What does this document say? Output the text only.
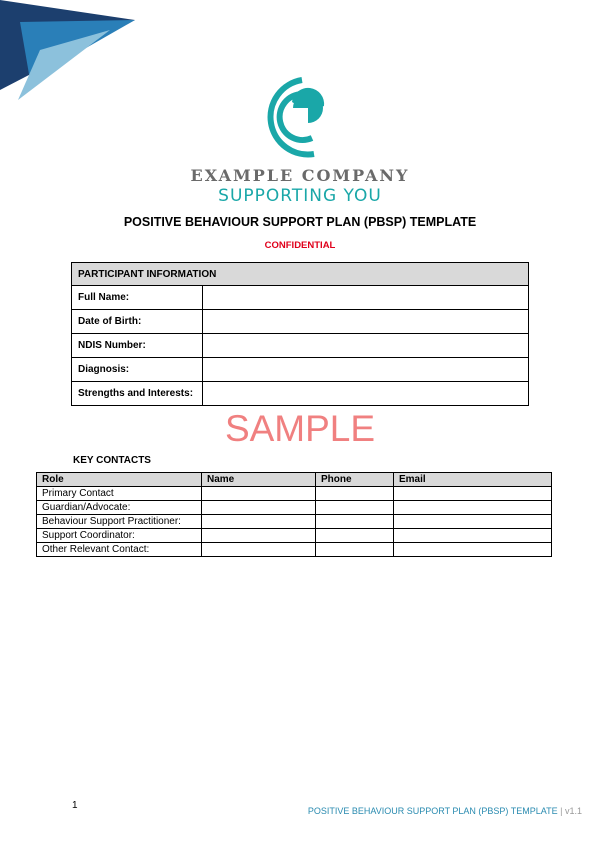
EXAMPLE COMPANY
SUPPORTING YOU
POSITIVE BEHAVIOUR SUPPORT PLAN (PBSP) TEMPLATE
CONFIDENTIAL
PARTICIPANT INFORMATION	
Full Name:	
Date of Birth:	
NDIS Number:	
Diagnosis:	
Strengths and Interests:	
SAMPLE
KEY CONTACTS
Role	Name	Phone	Email
Primary Contact			
Guardian/Advocate:			
Behaviour Support Practitioner:			
Support Coordinator:			
Other Relevant Contact:			
1	POSITIVE BEHAVIOUR SUPPORT PLAN (PBSP) TEMPLATE | v1.1
